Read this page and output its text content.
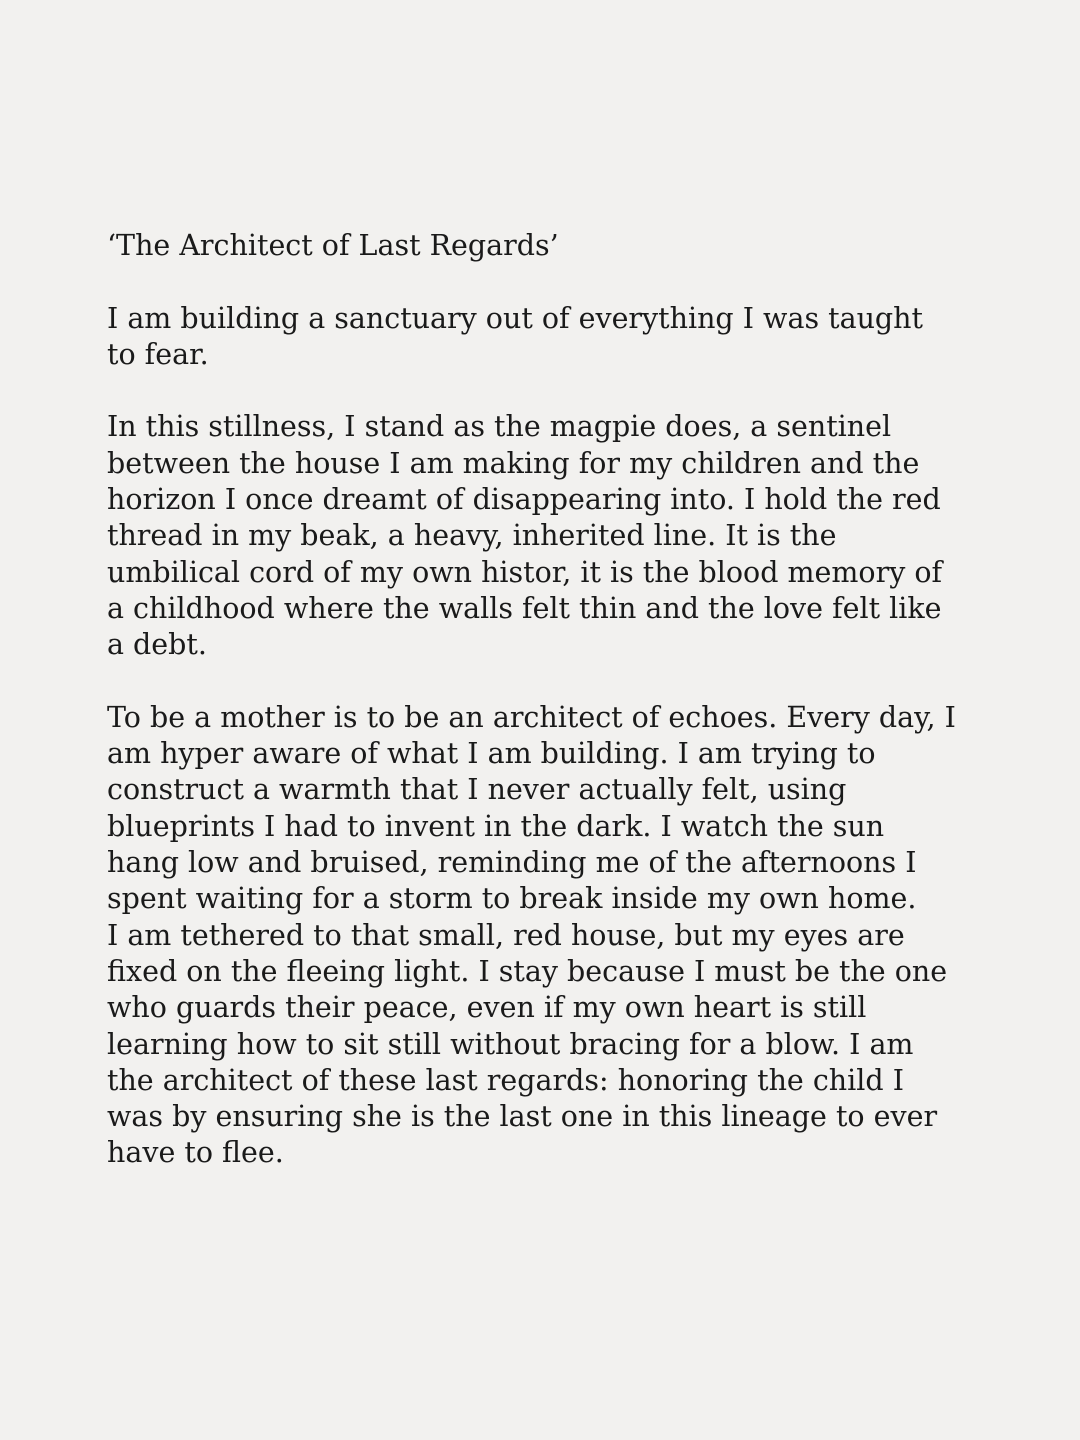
‘The Architect of Last Regards’

I am building a sanctuary out of everything I was taught
to fear.

In this stillness, I stand as the magpie does, a sentinel
between the house I am making for my children and the
horizon I once dreamt of disappearing into. I hold the red
thread in my beak, a heavy, inherited line. It is the
umbilical cord of my own histor, it is the blood memory of
a childhood where the walls felt thin and the love felt like
a debt.

To be a mother is to be an architect of echoes. Every day, I
am hyper aware of what I am building. I am trying to
construct a warmth that I never actually felt, using
blueprints I had to invent in the dark. I watch the sun
hang low and bruised, reminding me of the afternoons I
spent waiting for a storm to break inside my own home.
I am tethered to that small, red house, but my eyes are
fixed on the fleeing light. I stay because I must be the one
who guards their peace, even if my own heart is still
learning how to sit still without bracing for a blow. I am
the architect of these last regards: honoring the child I
was by ensuring she is the last one in this lineage to ever
have to flee.
